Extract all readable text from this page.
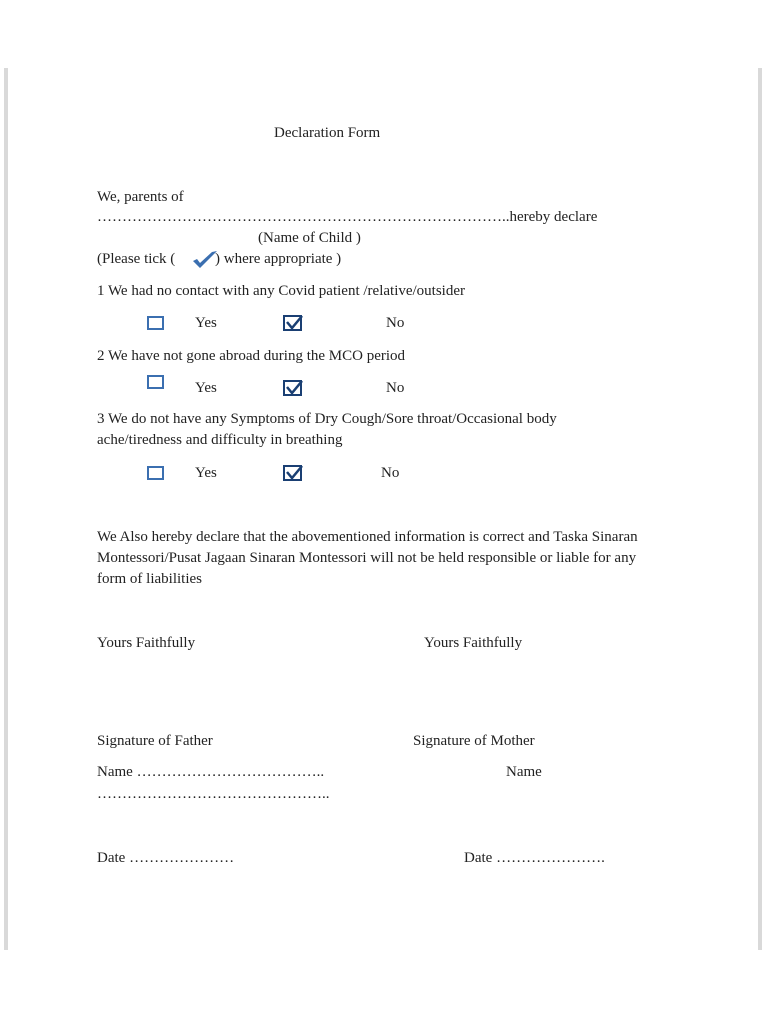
Declaration Form
We, parents of
………………………………………………………………………..hereby declare
(Name of Child )
(Please tick (	) where appropriate )
1 We had no contact with any Covid patient /relative/outsider
Yes	No
2 We have not gone abroad during the MCO period
Yes	No
3 We do not have any Symptoms of Dry Cough/Sore throat/Occasional body ache/tiredness and difficulty in breathing
Yes	No
We Also hereby declare that the abovementioned information is correct and Taska Sinaran Montessori/Pusat Jagaan Sinaran Montessori will not be held responsible or liable for any form of liabilities
Yours Faithfully	Yours Faithfully
Signature of Father	Signature of Mother
Name ………………………………..	Name
………………………………………..
Date …………………	Date ………………….
